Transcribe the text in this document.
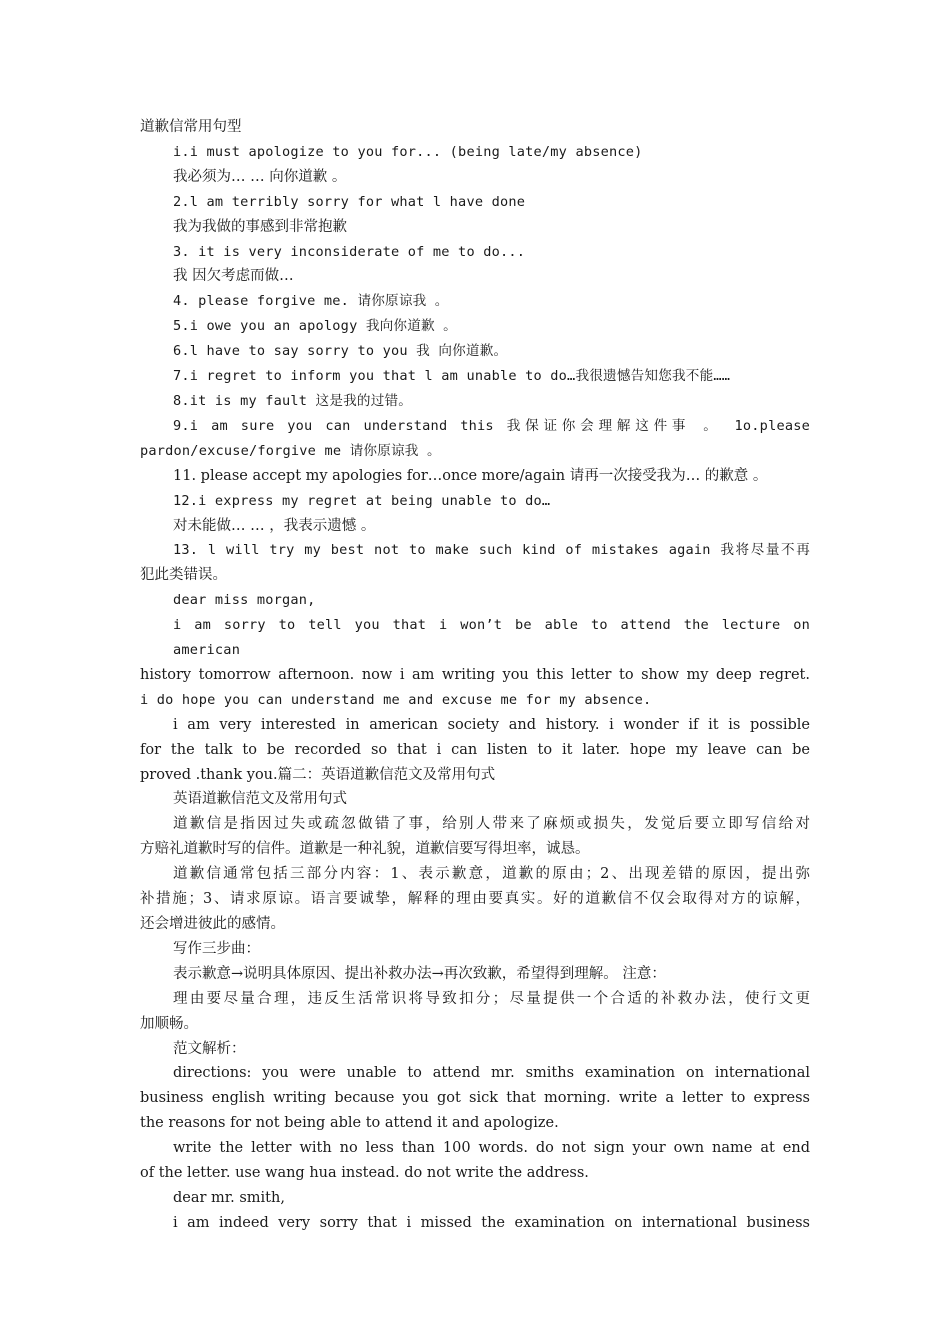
道歉信常用句型
i.i must apologize to you for... (being late/my absence)
我必须为… … 向你道歉 。
2.l am terribly sorry for what l have done
我为我做的事感到非常抱歉
3. it is very inconsiderate of me to do...
我 因欠考虑而做…
4. please forgive me. 请你原谅我 。
5.i owe you an apology 我向你道歉 。
6.l have to say sorry to you 我 向你道歉。
7.i regret to inform you that l am unable to do…我很遗憾告知您我不能……
8.it is my fault 这是我的过错。
9.i am sure you can understand this 我保证你会理解这件事 。 1o.please
pardon/excuse/forgive me 请你原谅我 。
11. please accept my apologies for…once more/again 请再一次接受我为… 的歉意 。
12.i express my regret at being unable to do…
对未能做… … ，我表示遗憾 。
13. l will try my best not to make such kind of mistakes again 我将尽量不再
犯此类错误。
dear miss morgan,
i am sorry to tell you that i won’t be able to attend the lecture on american
history tomorrow afternoon. now i am writing you this letter to show my deep regret.
i do hope you can understand me and excuse me for my absence.
i am very interested in american society and history. i wonder if it is possible
for the talk to be recorded so that i can listen to it later. hope my leave can be
proved .thank you.篇二：英语道歉信范文及常用句式
英语道歉信范文及常用句式
道歉信是指因过失或疏忽做错了事，给别人带来了麻烦或损失，发觉后要立即写信给对
方赔礼道歉时写的信件。道歉是一种礼貌，道歉信要写得坦率，诚恳。
道歉信通常包括三部分内容：1、表示歉意，道歉的原由；2、出现差错的原因，提出弥
补措施；3、请求原谅。语言要诚挚，解释的理由要真实。好的道歉信不仅会取得对方的谅解，
还会增进彼此的感情。
写作三步曲：
表示歉意→说明具体原因、提出补救办法→再次致歉，希望得到理解。 注意：
理由要尽量合理，违反生活常识将导致扣分；尽量提供一个合适的补救办法，使行文更
加顺畅。
范文解析：
directions: you were unable to attend mr. smiths examination on international
business english writing because you got sick that morning. write a letter to express
the reasons for not being able to attend it and apologize.
write the letter with no less than 100 words. do not sign your own name at end
of the letter. use wang hua instead. do not write the address.
dear mr. smith,
i am indeed very sorry that i missed the examination on international business
